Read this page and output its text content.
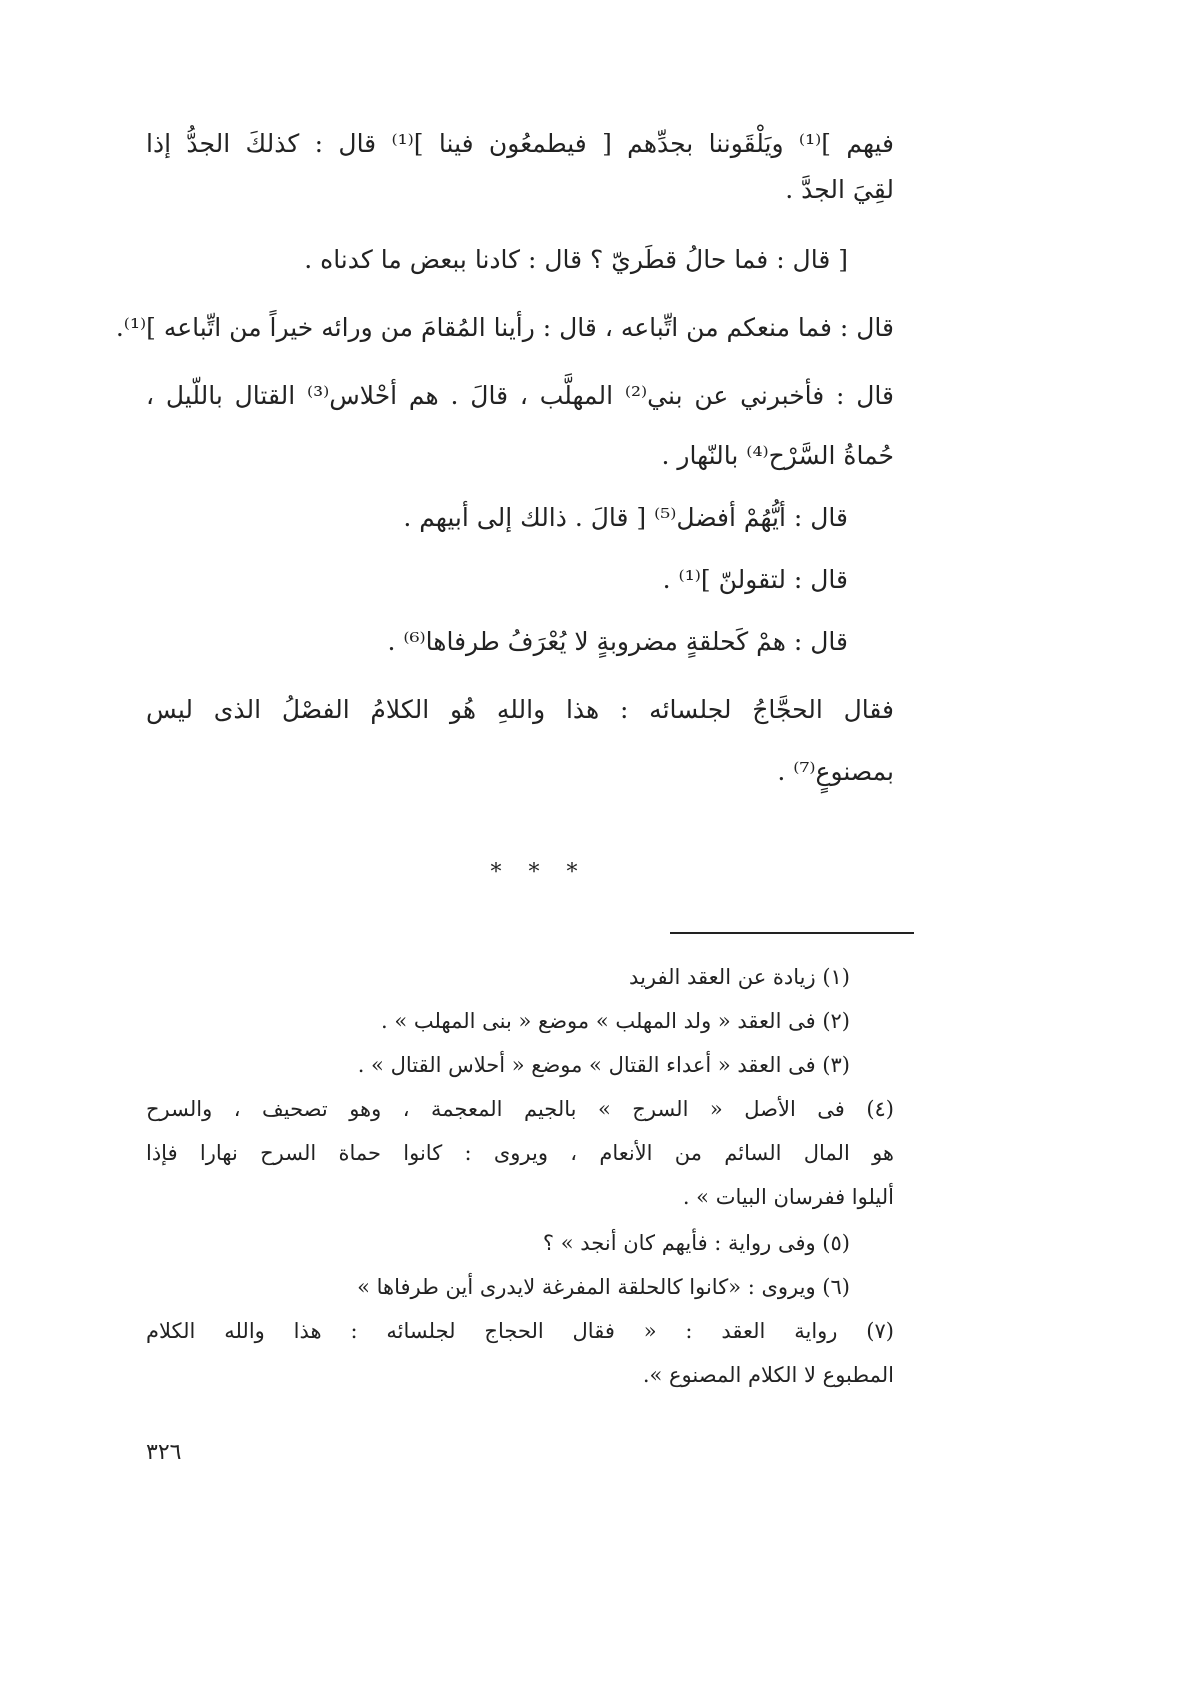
فيهم ]⁽¹⁾ ويَلْقَوننا بجدِّهم [ فيطمعُون فينا ]⁽¹⁾ قال : كذلكَ الجدُّ إذا
لقِيَ الجدَّ .
[ قال : فما حالُ قطَريّ ؟ قال : كادنا ببعض ما كدناه .
قال : فما منعكم من اتِّباعه ، قال : رأينا المُقامَ من ورائه خيراً من اتِّباعه ]⁽¹⁾.
قال : فأخبرني عن بني⁽²⁾ المهلَّب ، قالَ . هم أحْلاس⁽³⁾ القتال باللّيل ،
حُماةُ السَّرْح⁽⁴⁾ بالنّهار .
قال : أيُّهُمْ أفضل⁽⁵⁾ [ قالَ . ذالك إلى أبيهم .
قال : لتقولنّ ]⁽¹⁾ .
قال : همْ كَحلقةٍ مضروبةٍ لا يُعْرَفُ طرفاها⁽⁶⁾ .
فقال الحجَّاجُ لجلسائه : هذا واللهِ هُو الكلامُ الفصْلُ الذى ليس
بمصنوعٍ⁽⁷⁾ .
* * *
(١) زيادة عن العقد الفريد
(٢) فى العقد « ولد المهلب » موضع « بنى المهلب » .
(٣) فى العقد « أعداء القتال » موضع « أحلاس القتال » .
(٤) فى الأصل « السرج » بالجيم المعجمة ، وهو تصحيف ، والسرح
هو المال السائم من الأنعام ، ويروى : كانوا حماة السرح نهارا فإذا
أليلوا ففرسان البيات » .
(٥) وفى رواية : فأيهم كان أنجد » ؟
(٦) ويروى : «كانوا كالحلقة المفرغة لايدرى أين طرفاها »
(٧) رواية العقد : « فقال الحجاج لجلسائه : هذا والله الكلام
المطبوع لا الكلام المصنوع ».
٣٢٦
